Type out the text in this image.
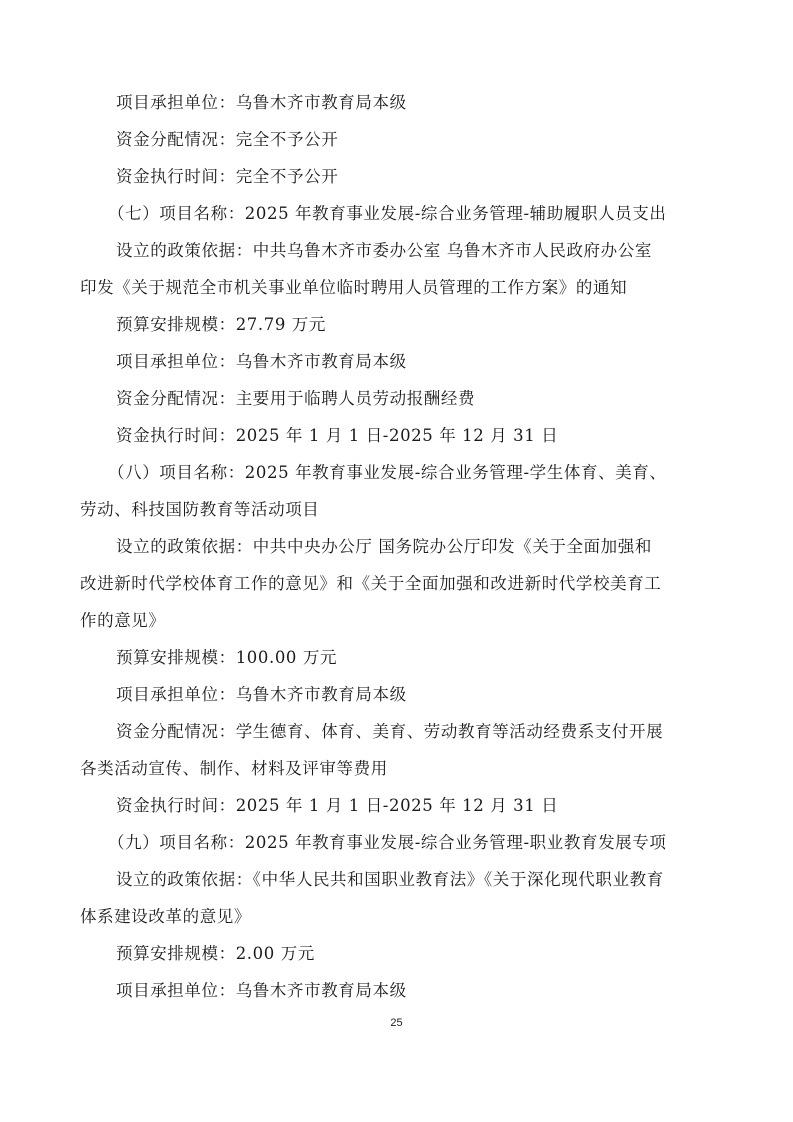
项目承担单位：乌鲁木齐市教育局本级
资金分配情况：完全不予公开
资金执行时间：完全不予公开
（七）项目名称：2025 年教育事业发展-综合业务管理-辅助履职人员支出
设立的政策依据：中共乌鲁木齐市委办公室 乌鲁木齐市人民政府办公室
印发《关于规范全市机关事业单位临时聘用人员管理的工作方案》的通知
预算安排规模：27.79 万元
项目承担单位：乌鲁木齐市教育局本级
资金分配情况：主要用于临聘人员劳动报酬经费
资金执行时间：2025 年 1 月 1 日-2025 年 12 月 31 日
（八）项目名称：2025 年教育事业发展-综合业务管理-学生体育、美育、
劳动、科技国防教育等活动项目
设立的政策依据：中共中央办公厅 国务院办公厅印发《关于全面加强和
改进新时代学校体育工作的意见》和《关于全面加强和改进新时代学校美育工
作的意见》
预算安排规模：100.00 万元
项目承担单位：乌鲁木齐市教育局本级
资金分配情况：学生德育、体育、美育、劳动教育等活动经费系支付开展
各类活动宣传、制作、材料及评审等费用
资金执行时间：2025 年 1 月 1 日-2025 年 12 月 31 日
（九）项目名称：2025 年教育事业发展-综合业务管理-职业教育发展专项
设立的政策依据：《中华人民共和国职业教育法》《关于深化现代职业教育
体系建设改革的意见》
预算安排规模：2.00 万元
项目承担单位：乌鲁木齐市教育局本级
25
